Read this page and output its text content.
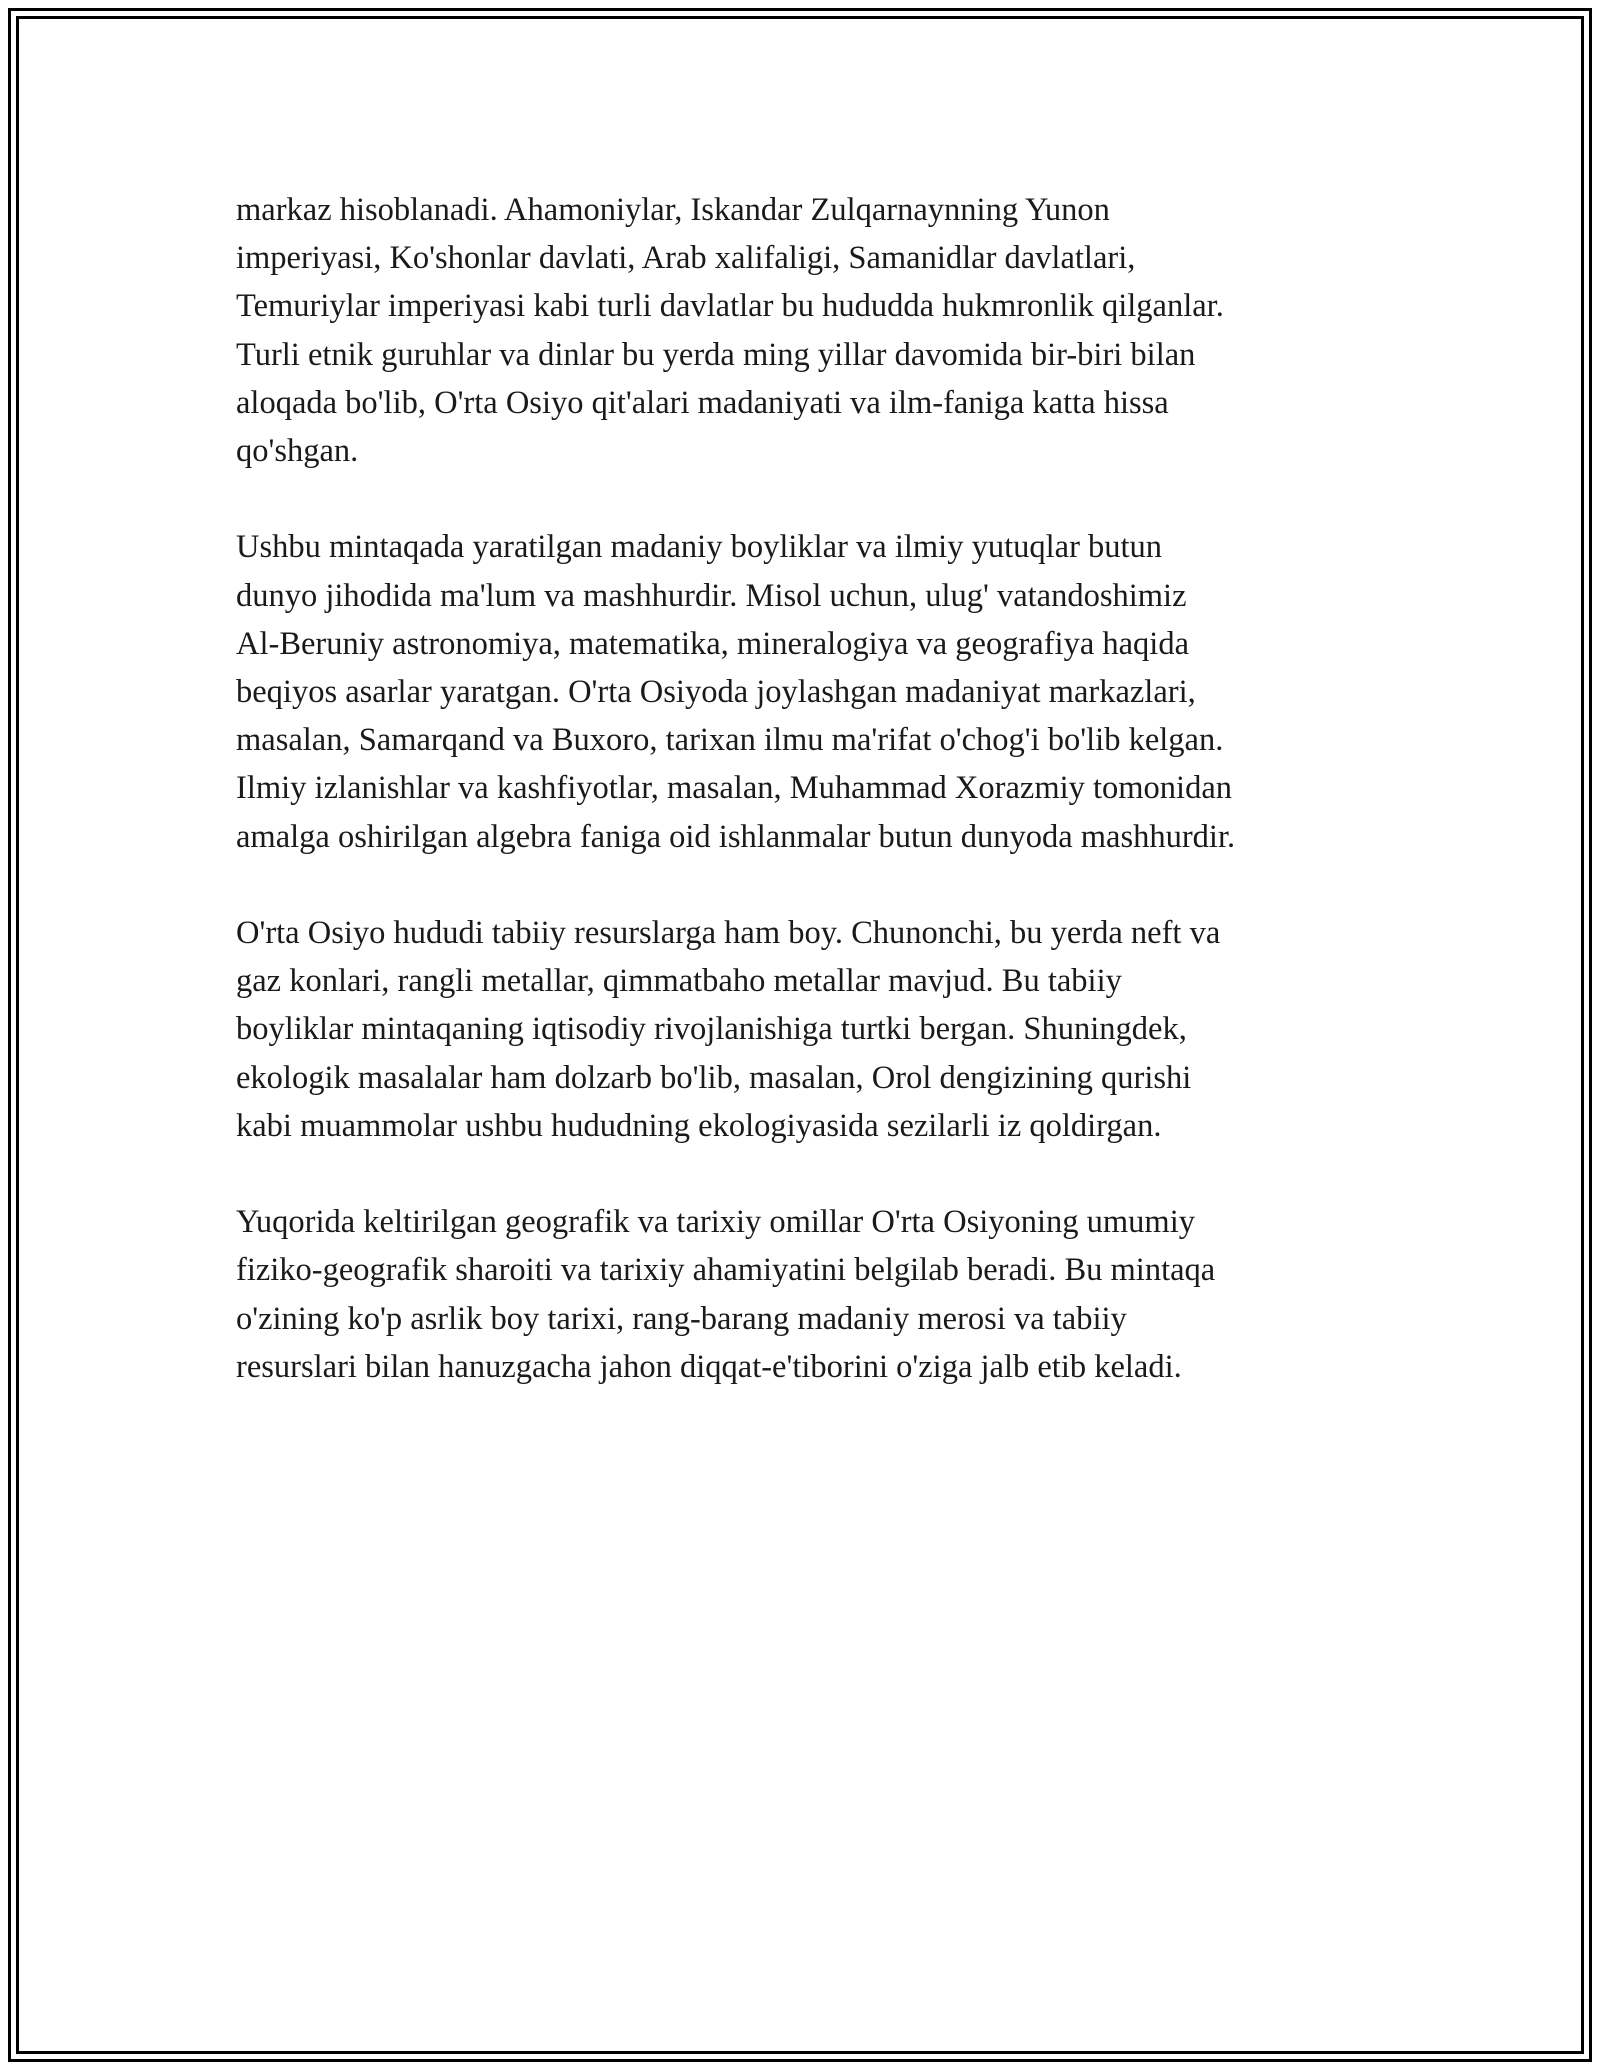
markaz hisoblanadi. Ahamoniylar, Iskandar Zulqarnaynning Yunon
imperiyasi, Ko'shonlar davlati, Arab xalifaligi, Samanidlar davlatlari,
Temuriylar imperiyasi kabi turli davlatlar bu hududda hukmronlik qilganlar.
Turli etnik guruhlar va dinlar bu yerda ming yillar davomida bir-biri bilan
aloqada bo'lib, O'rta Osiyo qit'alari madaniyati va ilm-faniga katta hissa
qo'shgan.

Ushbu mintaqada yaratilgan madaniy boyliklar va ilmiy yutuqlar butun
dunyo jihodida ma'lum va mashhurdir. Misol uchun, ulug' vatandoshimiz
Al-Beruniy astronomiya, matematika, mineralogiya va geografiya haqida
beqiyos asarlar yaratgan. O'rta Osiyoda joylashgan madaniyat markazlari,
masalan, Samarqand va Buxoro, tarixan ilmu ma'rifat o'chog'i bo'lib kelgan.
Ilmiy izlanishlar va kashfiyotlar, masalan, Muhammad Xorazmiy tomonidan
amalga oshirilgan algebra faniga oid ishlanmalar butun dunyoda mashhurdir.

O'rta Osiyo hududi tabiiy resurslarga ham boy. Chunonchi, bu yerda neft va
gaz konlari, rangli metallar, qimmatbaho metallar mavjud. Bu tabiiy
boyliklar mintaqaning iqtisodiy rivojlanishiga turtki bergan. Shuningdek,
ekologik masalalar ham dolzarb bo'lib, masalan, Orol dengizining qurishi
kabi muammolar ushbu hududning ekologiyasida sezilarli iz qoldirgan.

Yuqorida keltirilgan geografik va tarixiy omillar O'rta Osiyoning umumiy
fiziko-geografik sharoiti va tarixiy ahamiyatini belgilab beradi. Bu mintaqa
o'zining ko'p asrlik boy tarixi, rang-barang madaniy merosi va tabiiy
resurslari bilan hanuzgacha jahon diqqat-e'tiborini o'ziga jalb etib keladi.
